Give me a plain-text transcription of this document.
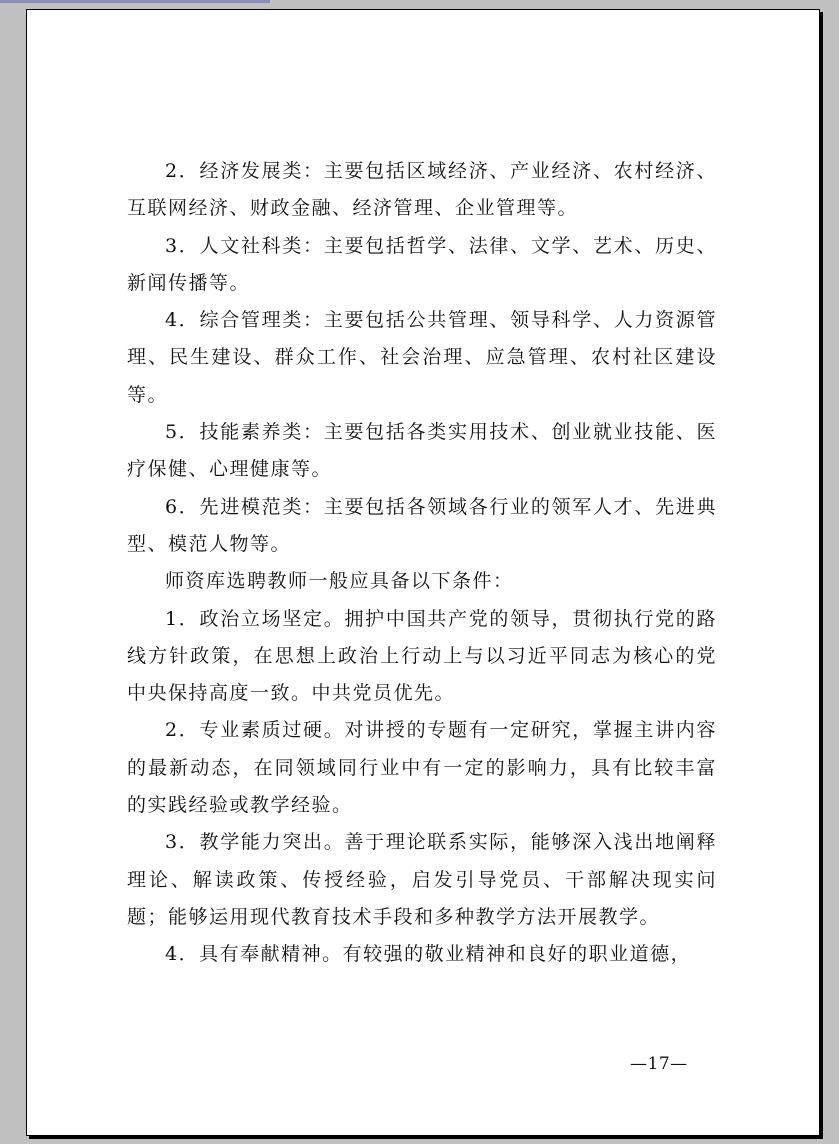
2．经济发展类：主要包括区域经济、产业经济、农村经济、互联网经济、财政金融、经济管理、企业管理等。

3．人文社科类：主要包括哲学、法律、文学、艺术、历史、新闻传播等。

4．综合管理类：主要包括公共管理、领导科学、人力资源管理、民生建设、群众工作、社会治理、应急管理、农村社区建设等。

5．技能素养类：主要包括各类实用技术、创业就业技能、医疗保健、心理健康等。

6．先进模范类：主要包括各领域各行业的领军人才、先进典型、模范人物等。

师资库选聘教师一般应具备以下条件：

1．政治立场坚定。拥护中国共产党的领导，贯彻执行党的路线方针政策，在思想上政治上行动上与以习近平同志为核心的党中央保持高度一致。中共党员优先。

2．专业素质过硬。对讲授的专题有一定研究，掌握主讲内容的最新动态，在同领域同行业中有一定的影响力，具有比较丰富的实践经验或教学经验。

3．教学能力突出。善于理论联系实际，能够深入浅出地阐释理论、解读政策、传授经验，启发引导党员、干部解决现实问题；能够运用现代教育技术手段和多种教学方法开展教学。

4．具有奉献精神。有较强的敬业精神和良好的职业道德，

—17—
